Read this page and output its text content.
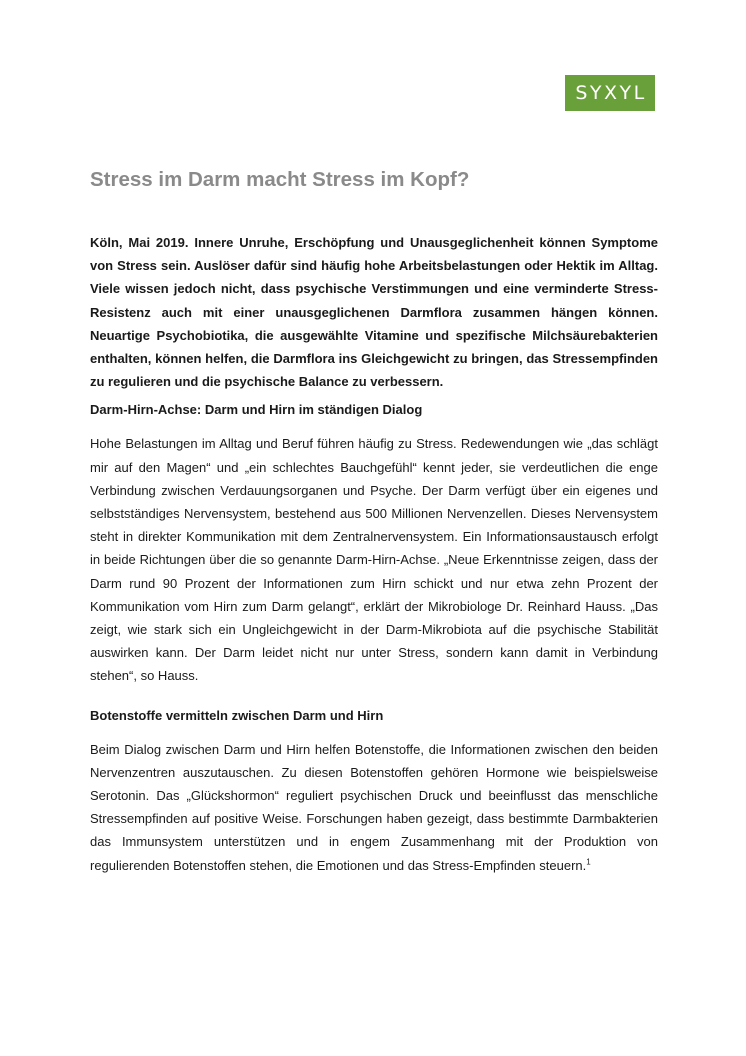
SYXYL
Stress im Darm macht Stress im Kopf?

Köln, Mai 2019. Innere Unruhe, Erschöpfung und Unausgeglichenheit können Symptome von Stress sein. Auslöser dafür sind häufig hohe Arbeitsbelastungen oder Hektik im Alltag. Viele wissen jedoch nicht, dass psychische Verstimmungen und eine verminderte Stress-Resistenz auch mit einer unausgeglichenen Darmflora zusammen hängen können. Neuartige Psychobiotika, die ausgewählte Vitamine und spezifische Milchsäurebakterien enthalten, können helfen, die Darmflora ins Gleichgewicht zu bringen, das Stressempfinden zu regulieren und die psychische Balance zu verbessern.

Darm-Hirn-Achse: Darm und Hirn im ständigen Dialog

Hohe Belastungen im Alltag und Beruf führen häufig zu Stress. Redewendungen wie „das schlägt mir auf den Magen“ und „ein schlechtes Bauchgefühl“ kennt jeder, sie verdeutlichen die enge Verbindung zwischen Verdauungsorganen und Psyche. Der Darm verfügt über ein eigenes und selbstständiges Nervensystem, bestehend aus 500 Millionen Nervenzellen. Dieses Nervensystem steht in direkter Kommunikation mit dem Zentralnervensystem. Ein Informationsaustausch erfolgt in beide Richtungen über die so genannte Darm-Hirn-Achse. „Neue Erkenntnisse zeigen, dass der Darm rund 90 Prozent der Informationen zum Hirn schickt und nur etwa zehn Prozent der Kommunikation vom Hirn zum Darm gelangt“, erklärt der Mikrobiologe Dr. Reinhard Hauss. „Das zeigt, wie stark sich ein Ungleichgewicht in der Darm-Mikrobiota auf die psychische Stabilität auswirken kann. Der Darm leidet nicht nur unter Stress, sondern kann damit in Verbindung stehen“, so Hauss.

Botenstoffe vermitteln zwischen Darm und Hirn

Beim Dialog zwischen Darm und Hirn helfen Botenstoffe, die Informationen zwischen den beiden Nervenzentren auszutauschen. Zu diesen Botenstoffen gehören Hormone wie beispielsweise Serotonin. Das „Glückshormon“ reguliert psychischen Druck und beeinflusst das menschliche Stressempfinden auf positive Weise. Forschungen haben gezeigt, dass bestimmte Darmbakterien das Immunsystem unterstützen und in engem Zusammenhang mit der Produktion von regulierenden Botenstoffen stehen, die Emotionen und das Stress-Empfinden steuern.$^1$
